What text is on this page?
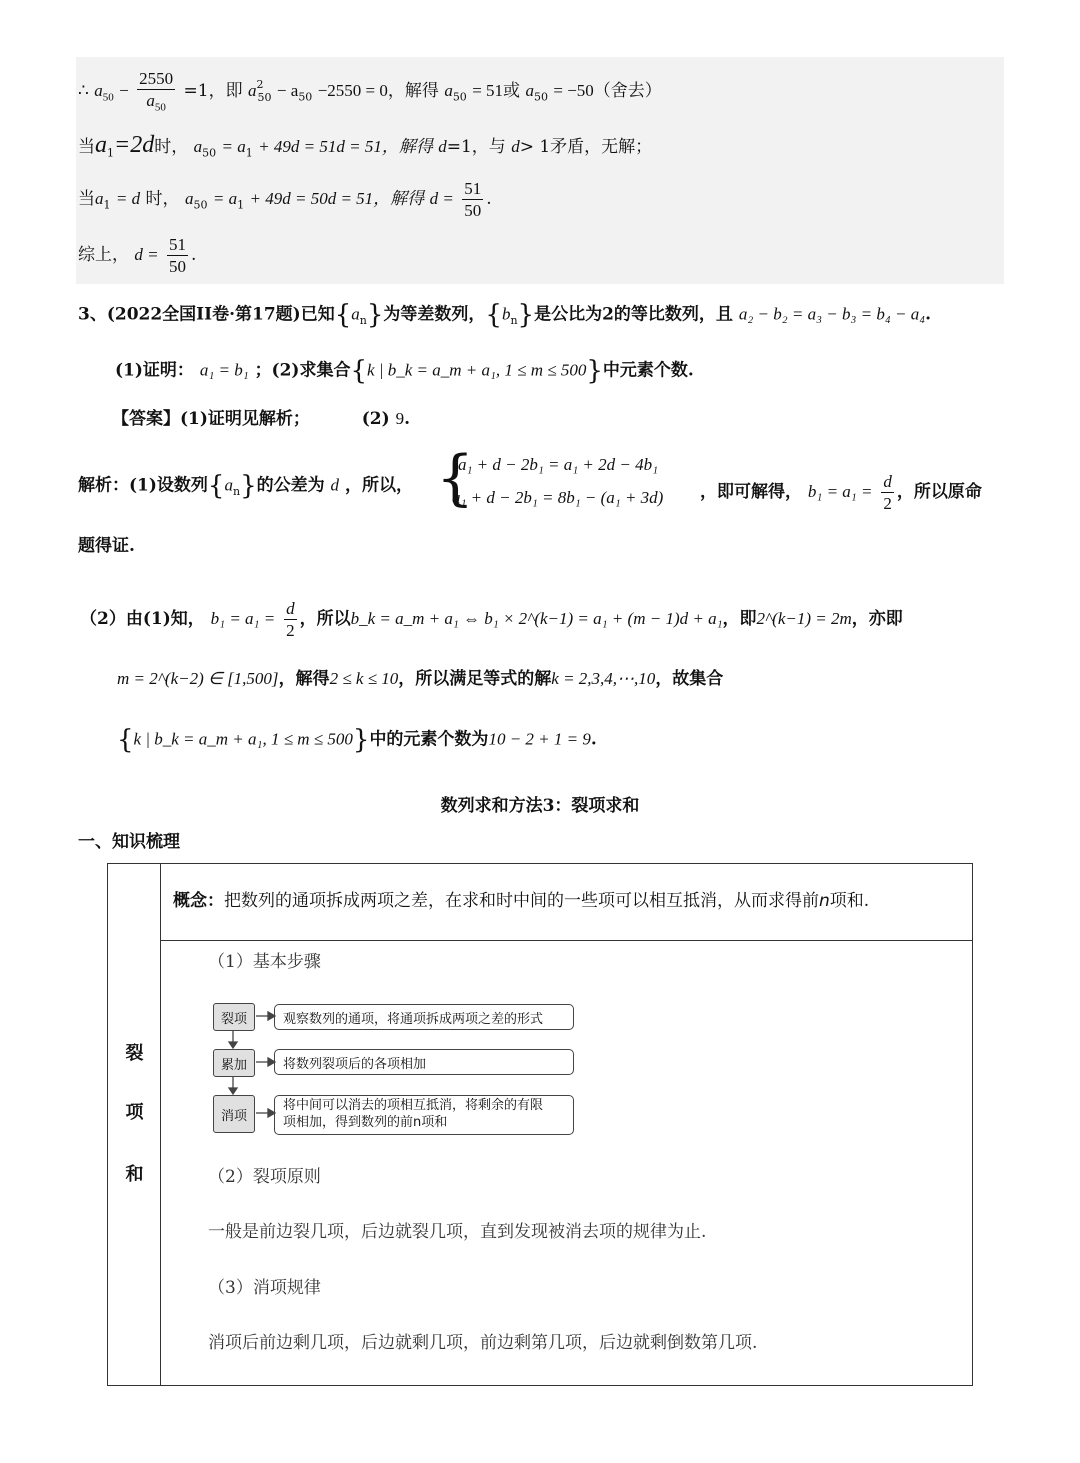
∴ $a_{50} - \frac{2550}{a_{50}} =1$，即 $a^2_{50} - a_{50} -2550 = 0$，解得 $a_{50} = 51$或 $a_{50} = -50$（舍去）
当$a_1=2d$时， $a_{50} = a_1 + 49d = 51d = 51$，解得 d=1，与 d> 1矛盾，无解；
当$a_1 = d$ 时， $a_{50} = a_1 + 49d = 50d = 51$，解得 $d = \frac{51}{50}$ .
综上， $d = \frac{51}{50}$ .
3、(2022全国II卷·第17题)已知$\{a_n\}$为等差数列，$\{b_n\}$是公比为2的等比数列，且 a₂ − b₂ = a₃ − b₃ = b₄ − a₄.
(1)证明： a₁ = b₁ ；(2)求集合{k | b_k = a_m + a₁, 1 ≤ m ≤ 500}中元素个数.
【答案】(1)证明见解析；	(2) 9.
解析：(1)设数列$\{a_n\}$的公差为 d ，所以， {
a₁ + d − 2b₁ = a₁ + 2d − 4b₁
a₁ + d − 2b₁ = 8b₁ − (a₁ + 3d) ，即可解得， $b_1 = a_1 = \frac{d}{2}$ ，所以原命
题得证.
（2）由(1)知， $b_1 = a_1 = \frac{d}{2}$ ，所以b_k = a_m + a₁ ⇔ b₁ × 2^(k−1) = a₁ + (m − 1)d + a₁，即2^(k−1) = 2m，亦即
m = 2^(k−2) ∈ [1,500]，解得2 ≤ k ≤ 10，所以满足等式的解k = 2,3,4,⋯,10，故集合
{k | b_k = a_m + a₁, 1 ≤ m ≤ 500}中的元素个数为10 − 2 + 1 = 9.
数列求和方法3：裂项求和
一、知识梳理
裂
项
和
概念：把数列的通项拆成两项之差，在求和时中间的一些项可以相互抵消，从而求得前n项和.
（1）基本步骤
裂项	观察数列的通项，将通项拆成两项之差的形式
累加	将数列裂项后的各项相加
消项
将中间可以消去的项相互抵消，将剩余的有限
项相加，得到数列的前n项和
（2）裂项原则
一般是前边裂几项，后边就裂几项，直到发现被消去项的规律为止.
（3）消项规律
消项后前边剩几项，后边就剩几项，前边剩第几项，后边就剩倒数第几项.
